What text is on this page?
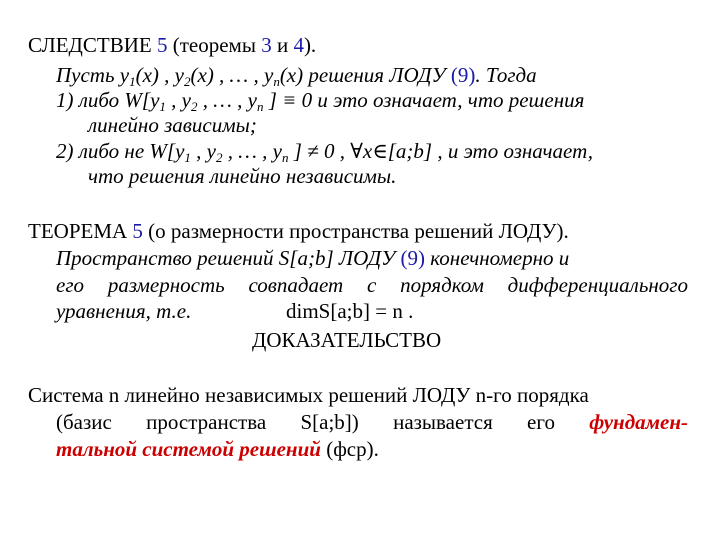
СЛЕДСТВИЕ 5 (теоремы 3 и 4).
Пусть $y_1(x)$ , $y_2(x)$ , … , $y_n(x)$ решения ЛОДУ (9). Тогда
1) либо $W[y_1$ , $y_2$ , … , $y_n$ ] ≡ 0 и это означает, что решения
линейно зависимы;
2) либо не $W[y_1$ , $y_2$ , … , $y_n$ ] ≠ 0 , ∀x∈[a;b] , и это означает,
что решения линейно независимы.
ТЕОРЕМА 5 (о размерности пространства решений ЛОДУ).
Пространство решений S[a;b] ЛОДУ (9) конечномерно и
его размерность совпадает с порядком дифференциального
уравнения, т.е.	dimS[a;b] = n .
ДОКАЗАТЕЛЬСТВО
Система n линейно независимых решений ЛОДУ n-го порядка
(базис пространства S[a;b]) называется его фундамен-
тальной системой решений (фср).
